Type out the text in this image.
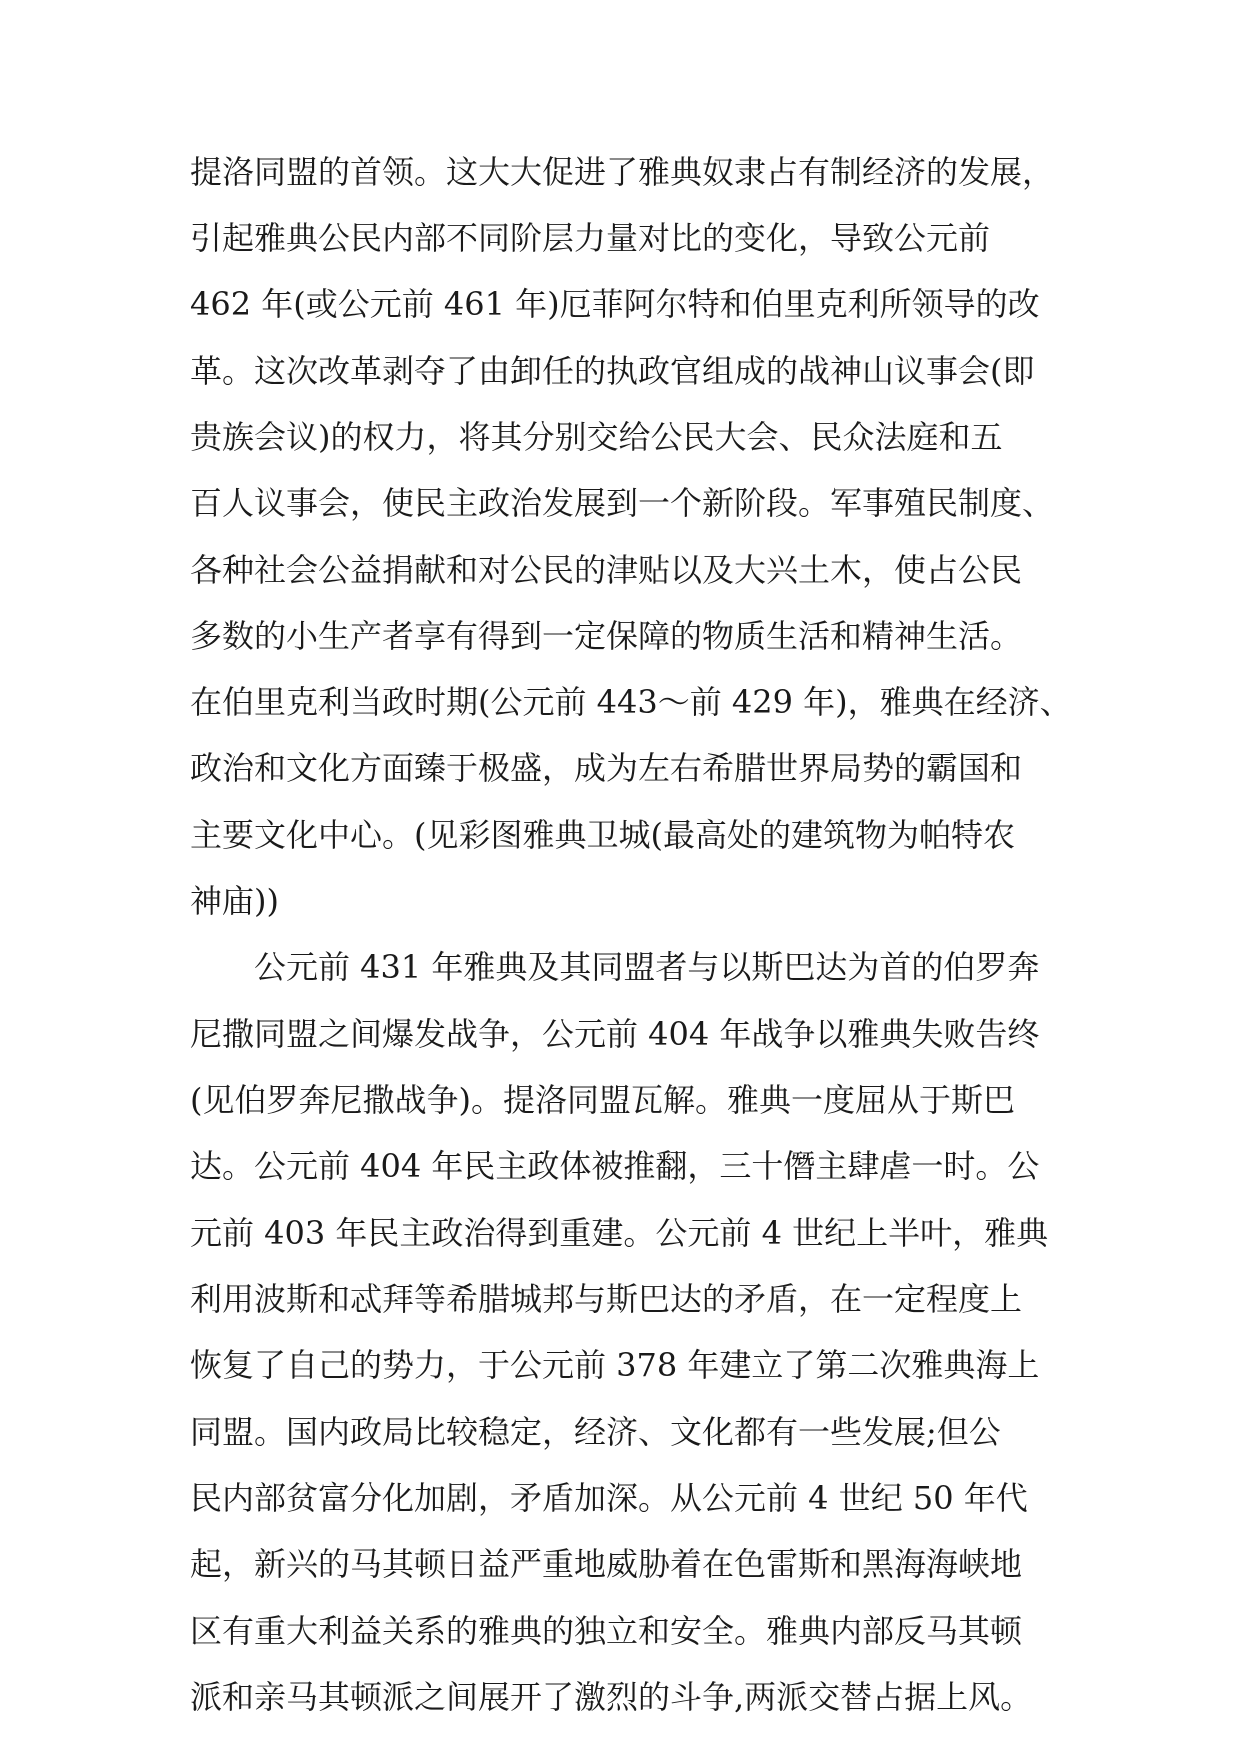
提洛同盟的首领。这大大促进了雅典奴隶占有制经济的发展，
引起雅典公民内部不同阶层力量对比的变化，导致公元前
462 年(或公元前 461 年)厄菲阿尔特和伯里克利所领导的改
革。这次改革剥夺了由卸任的执政官组成的战神山议事会(即
贵族会议)的权力，将其分别交给公民大会、民众法庭和五
百人议事会，使民主政治发展到一个新阶段。军事殖民制度、
各种社会公益捐献和对公民的津贴以及大兴土木，使占公民
多数的小生产者享有得到一定保障的物质生活和精神生活。
在伯里克利当政时期(公元前 443～前 429 年)，雅典在经济、
政治和文化方面臻于极盛，成为左右希腊世界局势的霸国和
主要文化中心。(见彩图雅典卫城(最高处的建筑物为帕特农
神庙))
公元前 431 年雅典及其同盟者与以斯巴达为首的伯罗奔
尼撒同盟之间爆发战争，公元前 404 年战争以雅典失败告终
(见伯罗奔尼撒战争)。提洛同盟瓦解。雅典一度屈从于斯巴
达。公元前 404 年民主政体被推翻，三十僭主肆虐一时。公
元前 403 年民主政治得到重建。公元前 4 世纪上半叶，雅典
利用波斯和忒拜等希腊城邦与斯巴达的矛盾，在一定程度上
恢复了自己的势力，于公元前 378 年建立了第二次雅典海上
同盟。国内政局比较稳定，经济、文化都有一些发展;但公
民内部贫富分化加剧，矛盾加深。从公元前 4 世纪 50 年代
起，新兴的马其顿日益严重地威胁着在色雷斯和黑海海峡地
区有重大利益关系的雅典的独立和安全。雅典内部反马其顿
派和亲马其顿派之间展开了激烈的斗争,两派交替占据上风。
